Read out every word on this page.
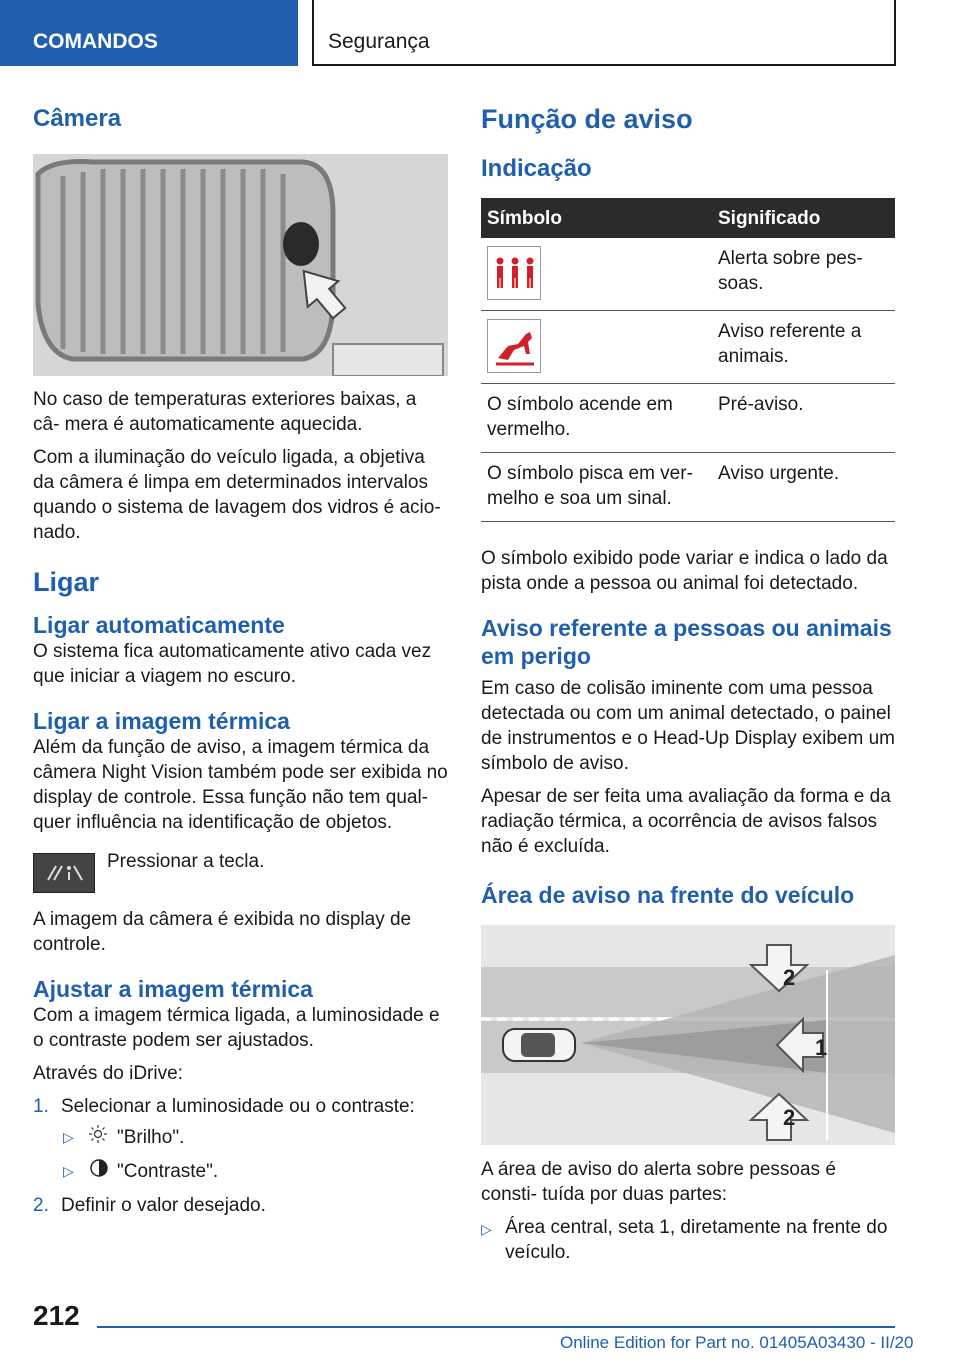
COMANDOS	Segurança
Câmera

No caso de temperaturas exteriores baixas, a câ- mera é automaticamente aquecida.

Com a iluminação do veículo ligada, a objetiva da câmera é limpa em determinados intervalos quando o sistema de lavagem dos vidros é acio- nado.

Ligar
Ligar automaticamente

O sistema fica automaticamente ativo cada vez que iniciar a viagem no escuro.

Ligar a imagem térmica

Além da função de aviso, a imagem térmica da câmera Night Vision também pode ser exibida no display de controle. Essa função não tem qual- quer influência na identificação de objetos.

Pressionar a tecla.

A imagem da câmera é exibida no display de controle.

Ajustar a imagem térmica

Com a imagem térmica ligada, a luminosidade e o contraste podem ser ajustados.

Através do iDrive:

1. Selecionar a luminosidade ou o contraste:
▷	"Brilho".
▷	"Contraste".
2. Definir o valor desejado.
Função de aviso
Indicação
Símbolo	Significado

	Alerta sobre pes- soas.

	Aviso referente a animais.
O símbolo acende em vermelho.	Pré-aviso.
O símbolo pisca em ver- melho e soa um sinal.	Aviso urgente.

O símbolo exibido pode variar e indica o lado da pista onde a pessoa ou animal foi detectado.

Aviso referente a pessoas ou animais em perigo

Em caso de colisão iminente com uma pessoa detectada ou com um animal detectado, o painel de instrumentos e o Head-Up Display exibem um símbolo de aviso.

Apesar de ser feita uma avaliação da forma e da radiação térmica, a ocorrência de avisos falsos não é excluída.

Área de aviso na frente do veículo
2
1
2

A área de aviso do alerta sobre pessoas é consti- tuída por duas partes:

▷ Área central, seta 1, diretamente na frente do veículo.
212
Online Edition for Part no. 01405A03430 - II/20
